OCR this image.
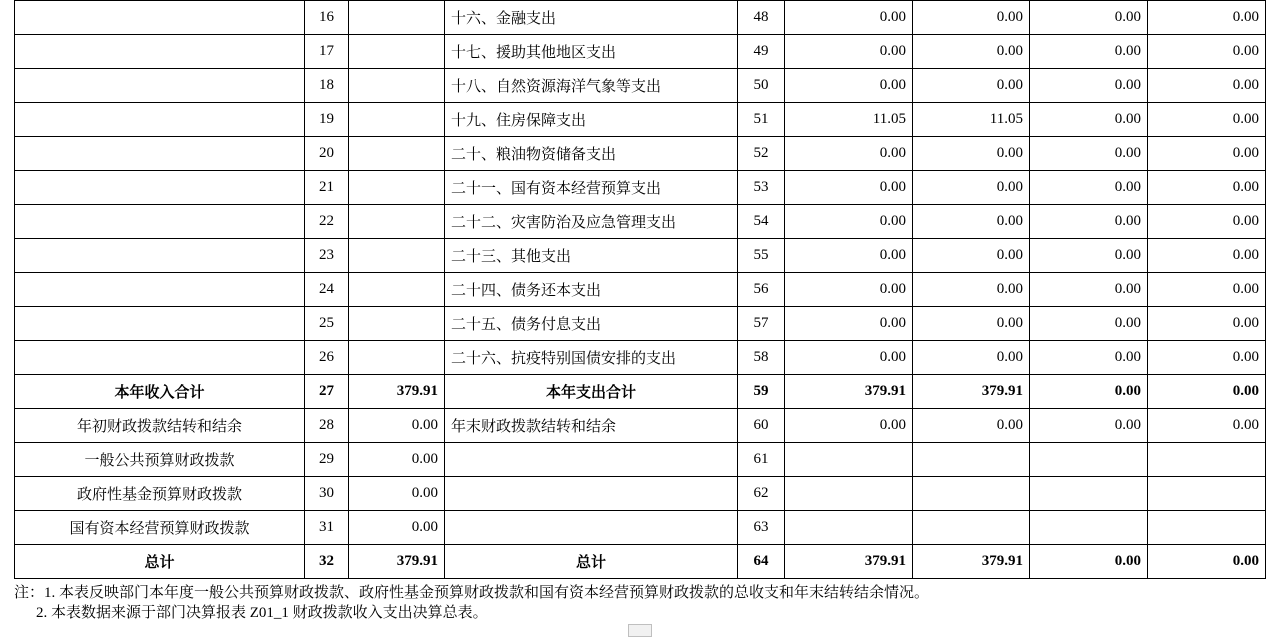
	16		十六、金融支出	48	0.00	0.00	0.00	0.00
	17		十七、援助其他地区支出	49	0.00	0.00	0.00	0.00
	18		十八、自然资源海洋气象等支出	50	0.00	0.00	0.00	0.00
	19		十九、住房保障支出	51	11.05	11.05	0.00	0.00
	20		二十、粮油物资储备支出	52	0.00	0.00	0.00	0.00
	21		二十一、国有资本经营预算支出	53	0.00	0.00	0.00	0.00
	22		二十二、灾害防治及应急管理支出	54	0.00	0.00	0.00	0.00
	23		二十三、其他支出	55	0.00	0.00	0.00	0.00
	24		二十四、债务还本支出	56	0.00	0.00	0.00	0.00
	25		二十五、债务付息支出	57	0.00	0.00	0.00	0.00
	26		二十六、抗疫特别国债安排的支出	58	0.00	0.00	0.00	0.00
本年收入合计	27	379.91	本年支出合计	59	379.91	379.91	0.00	0.00
年初财政拨款结转和结余	28	0.00	年末财政拨款结转和结余	60	0.00	0.00	0.00	0.00
一般公共预算财政拨款	29	0.00		61				
政府性基金预算财政拨款	30	0.00		62				
国有资本经营预算财政拨款	31	0.00		63				
总计	32	379.91	总计	64	379.91	379.91	0.00	0.00
注：1. 本表反映部门本年度一般公共预算财政拨款、政府性基金预算财政拨款和国有资本经营预算财政拨款的总收支和年末结转结余情况。
2. 本表数据来源于部门决算报表 Z01_1 财政拨款收入支出决算总表。
